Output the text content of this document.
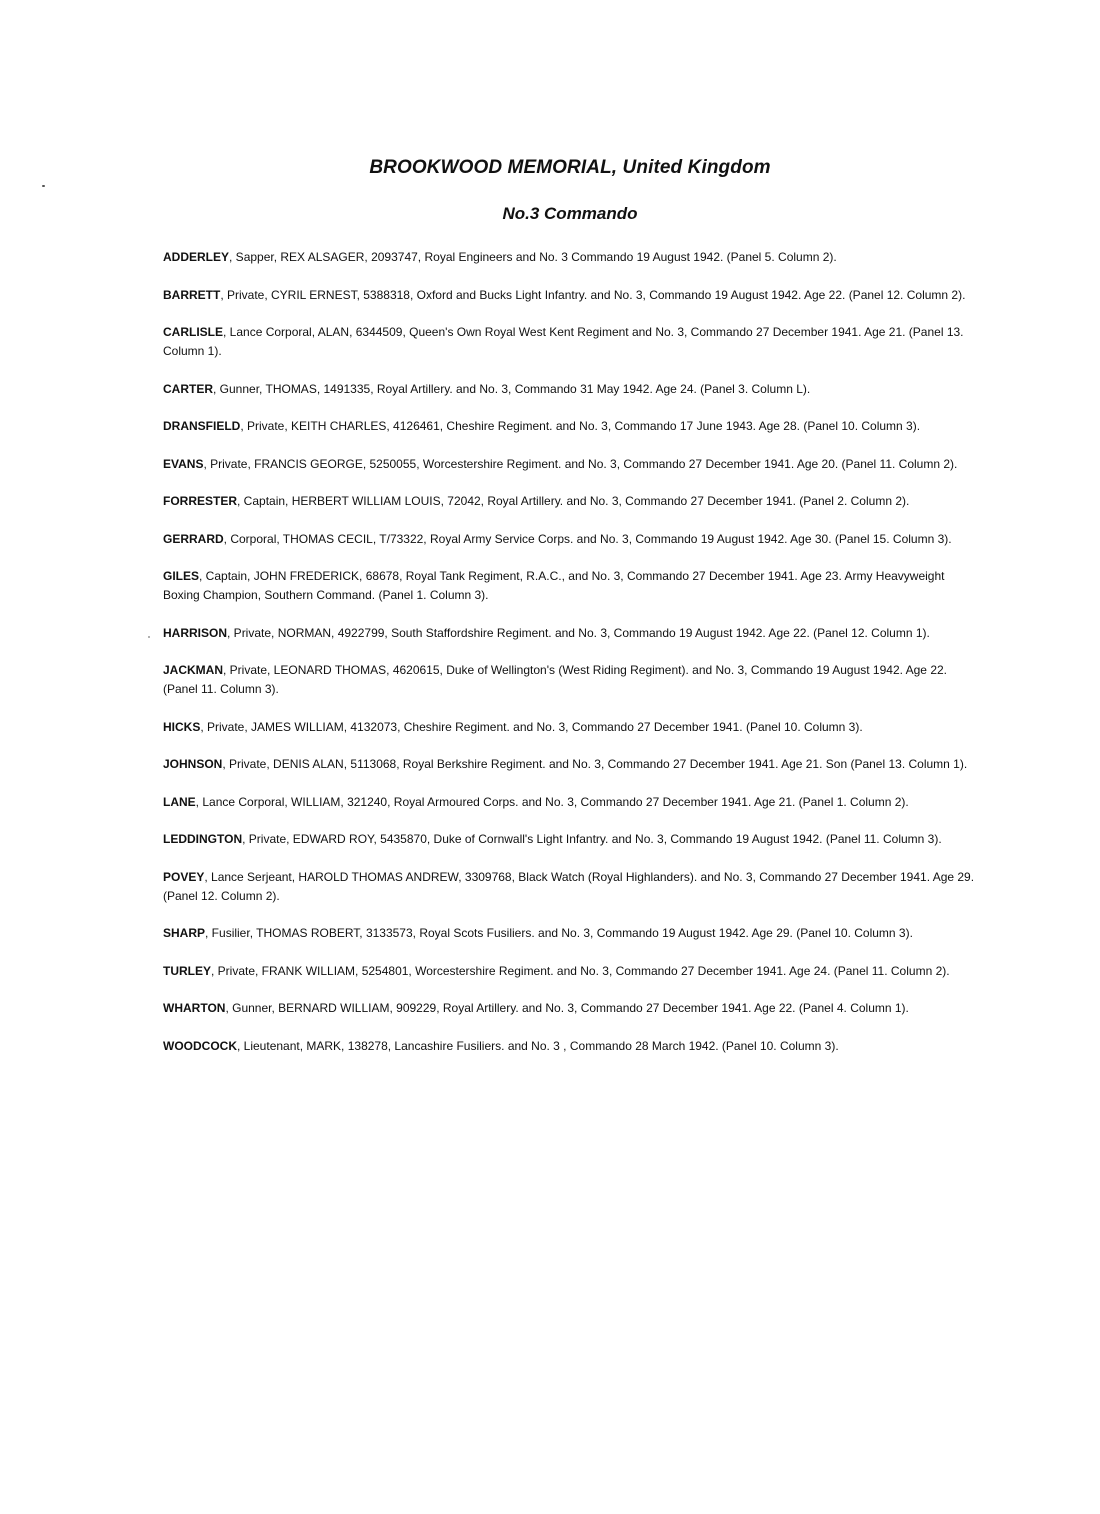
BROOKWOOD MEMORIAL, United Kingdom
No.3 Commando
ADDERLEY, Sapper, REX ALSAGER, 2093747, Royal Engineers and No. 3 Commando 19 August 1942. (Panel 5. Column 2).
BARRETT, Private, CYRIL ERNEST, 5388318, Oxford and Bucks Light Infantry. and No. 3, Commando 19 August 1942. Age 22. (Panel 12. Column 2).
CARLISLE, Lance Corporal, ALAN, 6344509, Queen's Own Royal West Kent Regiment and No. 3, Commando 27 December 1941. Age 21. (Panel 13. Column 1).
CARTER, Gunner, THOMAS, 1491335, Royal Artillery. and No. 3, Commando 31 May 1942. Age 24. (Panel 3. Column L).
DRANSFIELD, Private, KEITH CHARLES, 4126461, Cheshire Regiment. and No. 3, Commando 17 June 1943. Age 28. (Panel 10. Column 3).
EVANS, Private, FRANCIS GEORGE, 5250055, Worcestershire Regiment. and No. 3, Commando 27 December 1941. Age 20. (Panel 11. Column 2).
FORRESTER, Captain, HERBERT WILLIAM LOUIS, 72042, Royal Artillery. and No. 3, Commando 27 December 1941. (Panel 2. Column 2).
GERRARD, Corporal, THOMAS CECIL, T/73322, Royal Army Service Corps. and No. 3, Commando 19 August 1942. Age 30. (Panel 15. Column 3).
GILES, Captain, JOHN FREDERICK, 68678, Royal Tank Regiment, R.A.C., and No. 3, Commando 27 December 1941. Age 23. Army Heavyweight Boxing Champion, Southern Command. (Panel 1. Column 3).
HARRISON, Private, NORMAN, 4922799, South Staffordshire Regiment. and No. 3, Commando 19 August 1942. Age 22. (Panel 12. Column 1).
JACKMAN, Private, LEONARD THOMAS, 4620615, Duke of Wellington's (West Riding Regiment). and No. 3, Commando 19 August 1942. Age 22. (Panel 11. Column 3).
HICKS, Private, JAMES WILLIAM, 4132073, Cheshire Regiment. and No. 3, Commando 27 December 1941. (Panel 10. Column 3).
JOHNSON, Private, DENIS ALAN, 5113068, Royal Berkshire Regiment. and No. 3, Commando 27 December 1941. Age 21. Son (Panel 13. Column 1).
LANE, Lance Corporal, WILLIAM, 321240, Royal Armoured Corps. and No. 3, Commando 27 December 1941. Age 21. (Panel 1. Column 2).
LEDDINGTON, Private, EDWARD ROY, 5435870, Duke of Cornwall's Light Infantry. and No. 3, Commando 19 August 1942. (Panel 11. Column 3).
POVEY, Lance Serjeant, HAROLD THOMAS ANDREW, 3309768, Black Watch (Royal Highlanders). and No. 3, Commando 27 December 1941. Age 29. (Panel 12. Column 2).
SHARP, Fusilier, THOMAS ROBERT, 3133573, Royal Scots Fusiliers. and No. 3, Commando 19 August 1942. Age 29. (Panel 10. Column 3).
TURLEY, Private, FRANK WILLIAM, 5254801, Worcestershire Regiment. and No. 3, Commando 27 December 1941. Age 24. (Panel 11. Column 2).
WHARTON, Gunner, BERNARD WILLIAM, 909229, Royal Artillery. and No. 3, Commando 27 December 1941. Age 22. (Panel 4. Column 1).
WOODCOCK, Lieutenant, MARK, 138278, Lancashire Fusiliers. and No. 3 , Commando 28 March 1942. (Panel 10. Column 3).
